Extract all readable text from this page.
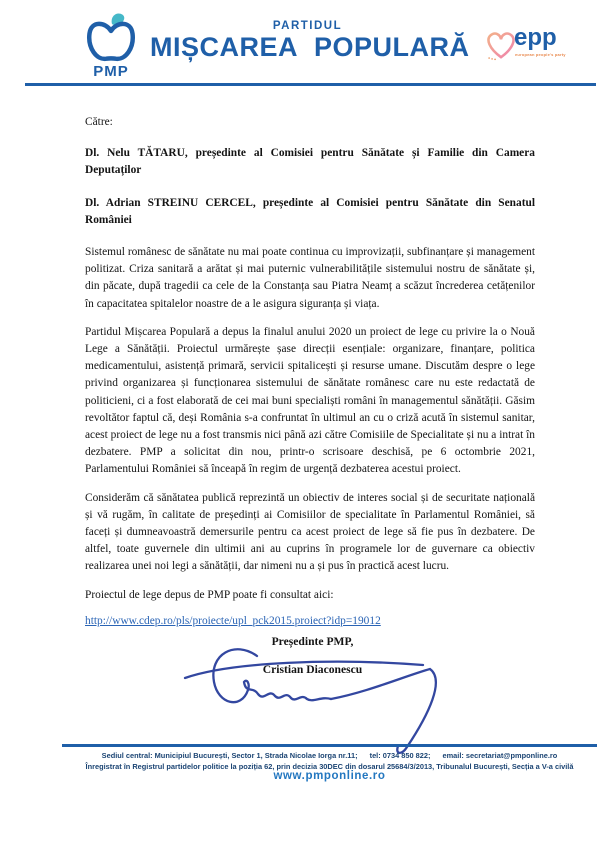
PMP
PARTIDUL
MIȘCAREA POPULARĂ epp
european people's party

Către:

Dl. Nelu TĂTARU, președinte al Comisiei pentru Sănătate și Familie din Camera Deputaților

Dl. Adrian STREINU CERCEL, președinte al Comisiei pentru Sănătate din Senatul României

Sistemul românesc de sănătate nu mai poate continua cu improvizații, subfinanțare și management politizat. Criza sanitară a arătat și mai puternic vulnerabilitățile sistemului nostru de sănătate și, din păcate, după tragedii ca cele de la Constanța sau Piatra Neamț a scăzut încrederea cetățenilor în capacitatea spitalelor noastre de a le asigura siguranța și viața.

Partidul Mișcarea Populară a depus la finalul anului 2020 un proiect de lege cu privire la o Nouă Lege a Sănătății. Proiectul urmărește șase direcții esențiale: organizare, finanțare, politica medicamentului, asistență primară, servicii spitalicești și resurse umane. Discutăm despre o lege privind organizarea și funcționarea sistemului de sănătate românesc care nu este redactată de politicieni, ci a fost elaborată de cei mai buni specialiști români în managementul sănătății. Găsim revoltător faptul că, deși România s-a confruntat în ultimul an cu o criză acută în sistemul sanitar, acest proiect de lege nu a fost transmis nici până azi către Comisiile de Specialitate și nu a intrat în dezbatere. PMP a solicitat din nou, printr-o scrisoare deschisă, pe 6 octombrie 2021, Parlamentului României să înceapă în regim de urgență dezbaterea acestui proiect.

Considerăm că sănătatea publică reprezintă un obiectiv de interes social și de securitate națională și vă rugăm, în calitate de președinți ai Comisiilor de specialitate în Parlamentul României, să faceți și dumneavoastră demersurile pentru ca acest proiect de lege să fie pus în dezbatere. De altfel, toate guvernele din ultimii ani au cuprins în programele lor de guvernare ca obiectiv realizarea unei noi legi a sănătății, dar nimeni nu a și pus în practică acest lucru.

Proiectul de lege depus de PMP poate fi consultat aici:

http://www.cdep.ro/pls/proiecte/upl_pck2015.proiect?idp=19012
Președinte PMP,
Cristian Diaconescu
Sediul central: Municipiul București, Sector 1, Strada Nicolae Iorga nr.11; tel: 0734 850 822; email: secretariat@pmponline.ro
Înregistrat în Registrul partidelor politice la poziția 62, prin decizia 30DEC din dosarul 25684/3/2013, Tribunalul București, Secția a V-a civilă
www.pmponline.ro
